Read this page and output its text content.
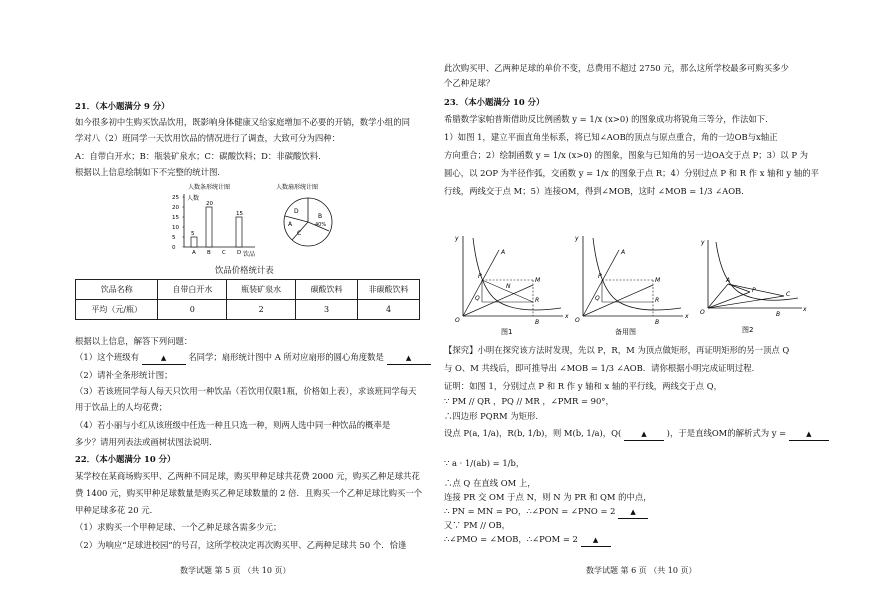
21．（本小题满分 9 分）
如今很多初中生购买饮品饮用，既影响身体健康又给家庭增加不必要的开销，数学小组的同
学对八（2）班同学一天饮用饮品的情况进行了调查，大致可分为四种：
A：自带白开水；B：瓶装矿泉水；C：碳酸饮料；D：非碳酸饮料．
根据以上信息绘制如下不完整的统计图．
人数条形统计图
人数
饮品
0
5
10
15
20
25
5
A
20
B C
15
D
人数扇形统计图
D
B
40%
C
A
饮品价格统计表
饮品名称	自带白开水	瓶装矿泉水	碳酸饮料	非碳酸饮料
平均（元/瓶）	0	2	3	4
根据以上信息，解答下列问题：
（1）这个班级有	▲	名同学；扇形统计图中 A 所对应扇形的圆心角度数是	▲
（2）请补全条形统计图；
（3）若该班同学每人每天只饮用一种饮品（若饮用仅限1瓶，价格如上表），求该班同学每天
用于饮品上的人均花费；
（4）若小丽与小红从该班级中任选一种且只选一种，则两人选中同一种饮品的概率是
多少？请用列表法或画树状图法说明．
22．（本小题满分 10 分）
某学校在某商场购买甲、乙两种不同足球，购买甲种足球共花费 2000 元，购买乙种足球共花
费 1400 元，购买甲种足球数量是购买乙种足球数量的 2 倍．且购买一个乙种足球比购买一个
甲种足球多花 20 元．
（1）求购买一个甲种足球、一个乙种足球各需多少元；
（2）为响应“足球进校园”的号召，这所学校决定再次购买甲、乙两种足球共 50 个．恰逢
数学试题 第 5 页 （共 10 页）
此次购买甲、乙两种足球的单价不变，总费用不超过 2750 元，那么这所学校最多可购买多少
个乙种足球？
23．（本小题满分 10 分）
希腊数学家帕普斯借助反比例函数 y = 1/x (x>0) 的图象成功将锐角三等分，作法如下．
1）如图 1，建立平面直角坐标系，将已知∠AOB的顶点与原点重合，角的一边OB与x轴正
方向重合；2）绘制函数 y = 1/x (x>0) 的图象，图象与已知角的另一边OA交于点 P；3）以 P 为
圆心，以 2OP 为半径作弧，交函数 y = 1/x 的图象于点 R；4）分别过点 P 和 R 作 x 轴和 y 轴的平
行线，两线交于点 M；5）连接OM，得到∠MOB，这时 ∠MOB = 1/3 ∠AOB．
y
x
O
A
P
M
N
Q	R
B
图1
y
x
O
A
P
M
Q	R
B
备用图
y
x
O
A
P
C
B
图2
【探究】小明在探究该方法时发现，先以 P，R，M 为顶点做矩形，再证明矩形的另一顶点 Q
与 O、M 共线后，即可推导出 ∠MOB = 1/3 ∠AOB．请你根据小明完成证明过程．
证明：如图 1，分别过点 P 和 R 作 y 轴和 x 轴的平行线，两线交于点 Q，
∵ PM // QR ，PQ // MR ，∠PMR = 90°，
∴四边形 PQRM 为矩形．
设点 P(a, 1/a)，R(b, 1/b)，则 M(b, 1/a)，Q(	▲ )，于是直线OM的解析式为 y =	▲
∵ a · 1/(ab) = 1/b，
∴点 Q 在直线 OM 上，
连接 PR 交 OM 于点 N，则 N 为 PR 和 QM 的中点，
∴ PN = MN = PO，∴∠PON = ∠PNO = 2 ▲
又∵ PM // OB，
∴∠PMO = ∠MOB，∴∠POM = 2 ▲
数学试题 第 6 页 （共 10 页）
